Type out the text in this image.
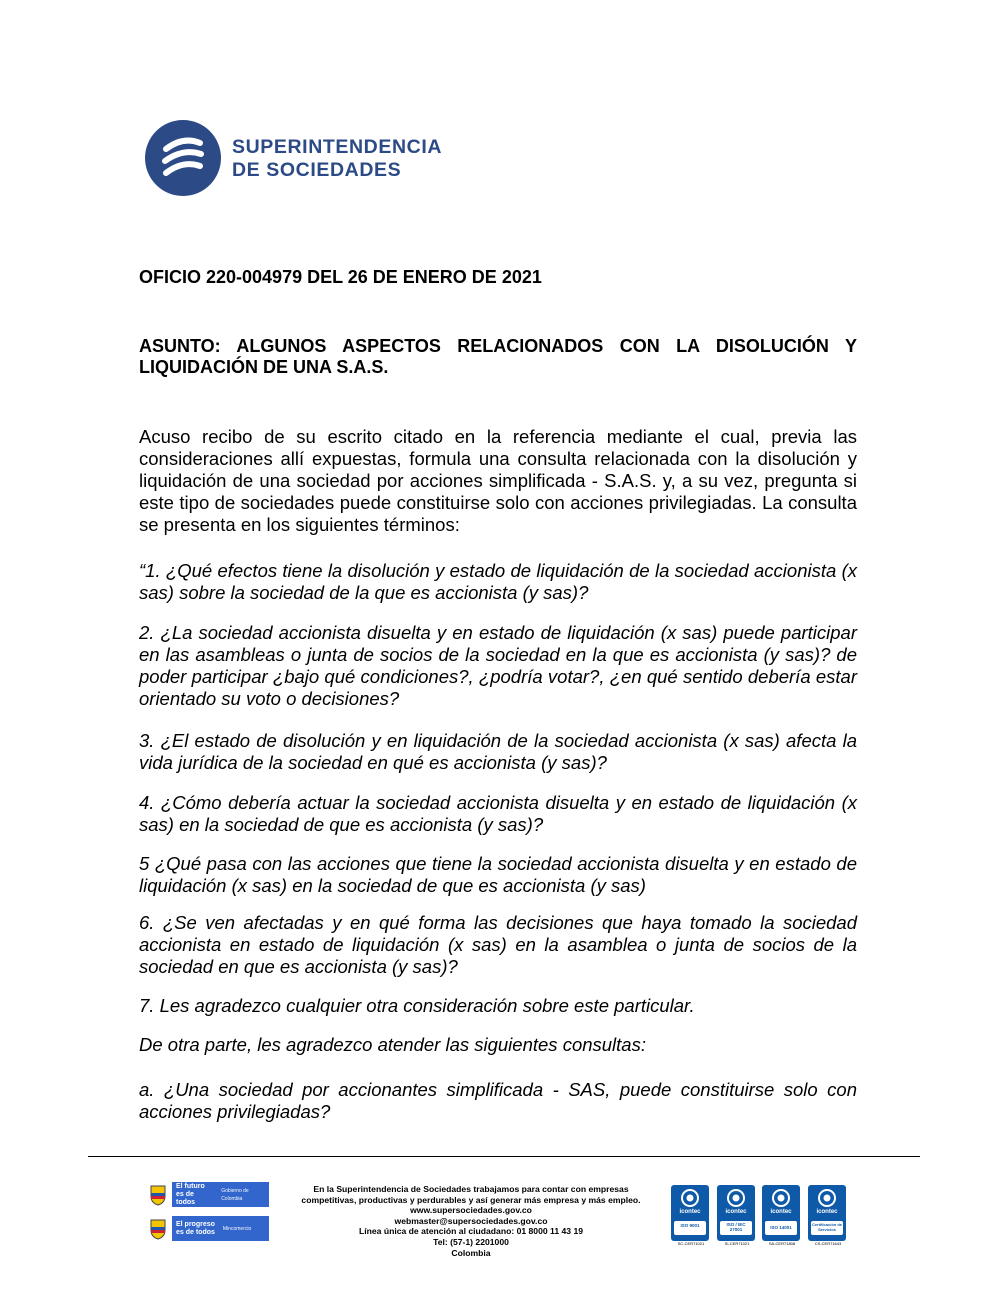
SUPERINTENDENCIA
DE SOCIEDADES
OFICIO 220-004979 DEL 26 DE ENERO DE 2021
ASUNTO: ALGUNOS ASPECTOS RELACIONADOS CON LA DISOLUCIÓN Y LIQUIDACIÓN DE UNA S.A.S.
Acuso recibo de su escrito citado en la referencia mediante el cual, previa las consideraciones allí expuestas, formula una consulta relacionada con la disolución y liquidación de una sociedad por acciones simplificada - S.A.S. y, a su vez, pregunta si este tipo de sociedades puede constituirse solo con acciones privilegiadas. La consulta se presenta en los siguientes términos:
“1. ¿Qué efectos tiene la disolución y estado de liquidación de la sociedad accionista (x sas) sobre la sociedad de la que es accionista (y sas)?
2. ¿La sociedad accionista disuelta y en estado de liquidación (x sas) puede participar en las asambleas o junta de socios de la sociedad en la que es accionista (y sas)? de poder participar ¿bajo qué condiciones?, ¿podría votar?, ¿en qué sentido debería estar orientado su voto o decisiones?
3. ¿El estado de disolución y en liquidación de la sociedad accionista (x sas) afecta la vida jurídica de la sociedad en qué es accionista (y sas)?
4. ¿Cómo debería actuar la sociedad accionista disuelta y en estado de liquidación (x sas) en la sociedad de que es accionista (y sas)?
5 ¿Qué pasa con las acciones que tiene la sociedad accionista disuelta y en estado de liquidación (x sas) en la sociedad de que es accionista (y sas)
6. ¿Se ven afectadas y en qué forma las decisiones que haya tomado la sociedad accionista en estado de liquidación (x sas) en la asamblea o junta de socios de la sociedad en que es accionista (y sas)?
7. Les agradezco cualquier otra consideración sobre este particular.
De otra parte, les agradezco atender las siguientes consultas:
a. ¿Una sociedad por accionantes simplificada - SAS, puede constituirse solo con acciones privilegiadas?
El futuro
es de todos
Gobierno de Colombia
El progreso
es de todos Mincomercio
En la Superintendencia de Sociedades trabajamos para contar con empresas
competitivas, productivas y perdurables y así generar más empresa y más empleo.
www.supersociedades.gov.co
webmaster@supersociedades.gov.co
Línea única de atención al ciudadano: 01 8000 11 43 19
Tel: (57-1) 2201000
Colombia
icontec
ISO 9001
SC-CER71021
icontec
ISO / IEC 27001
SI-CER71021
icontec
ISO 14001
SA-CER71808
icontec
Certificación de Servicios
CS-CER71643
